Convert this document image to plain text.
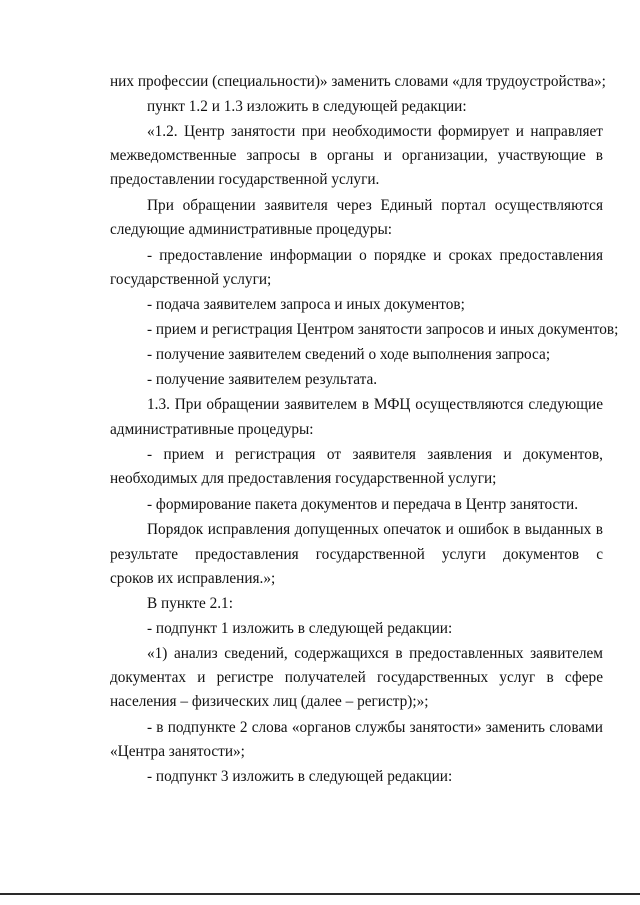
них профессии (специальности)» заменить словами «для трудоустройства»;
пункт 1.2 и 1.3 изложить в следующей редакции:
«1.2. Центр занятости при необходимости формирует и направляет
межведомственные запросы в органы и организации, участвующие в
предоставлении государственной услуги.
При обращении заявителя через Единый портал осуществляются
следующие административные процедуры:
- предоставление информации о порядке и сроках предоставления
государственной услуги;
- подача заявителем запроса и иных документов;
- прием и регистрация Центром занятости запросов и иных документов;
- получение заявителем сведений о ходе выполнения запроса;
- получение заявителем результата.
1.3. При обращении заявителем в МФЦ осуществляются следующие
административные процедуры:
- прием и регистрация от заявителя заявления и документов,
необходимых для предоставления государственной услуги;
- формирование пакета документов и передача в Центр занятости.
Порядок исправления допущенных опечаток и ошибок в выданных в
результате предоставления государственной услуги документов с
сроков их исправления.»;
В пункте 2.1:
- подпункт 1 изложить в следующей редакции:
«1) анализ сведений, содержащихся в предоставленных заявителем
документах и регистре получателей государственных услуг в сфере
населения – физических лиц (далее – регистр);»;
- в подпункте 2 слова «органов службы занятости» заменить словами
«Центра занятости»;
- подпункт 3 изложить в следующей редакции:
